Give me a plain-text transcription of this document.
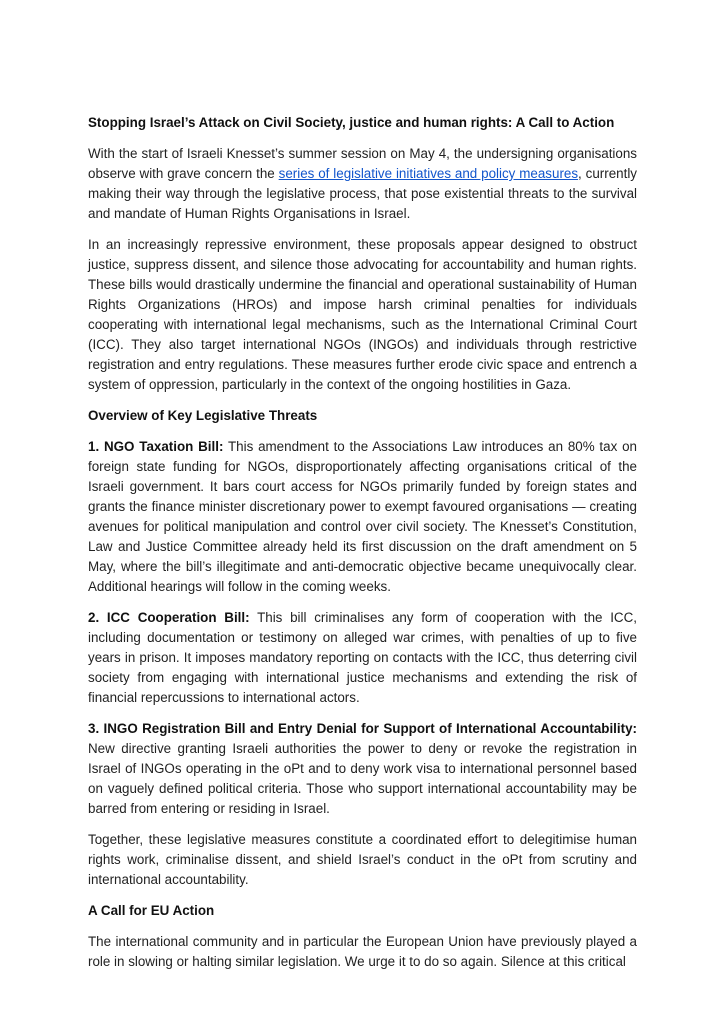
Stopping Israel’s Attack on Civil Society, justice and human rights: A Call to Action

With the start of Israeli Knesset’s summer session on May 4, the undersigning organisations observe with grave concern the series of legislative initiatives and policy measures, currently making their way through the legislative process, that pose existential threats to the survival and mandate of Human Rights Organisations in Israel.

In an increasingly repressive environment, these proposals appear designed to obstruct justice, suppress dissent, and silence those advocating for accountability and human rights. These bills would drastically undermine the financial and operational sustainability of Human Rights Organizations (HROs) and impose harsh criminal penalties for individuals cooperating with international legal mechanisms, such as the International Criminal Court (ICC). They also target international NGOs (INGOs) and individuals through restrictive registration and entry regulations. These measures further erode civic space and entrench a system of oppression, particularly in the context of the ongoing hostilities in Gaza.

Overview of Key Legislative Threats

1. NGO Taxation Bill: This amendment to the Associations Law introduces an 80% tax on foreign state funding for NGOs, disproportionately affecting organisations critical of the Israeli government. It bars court access for NGOs primarily funded by foreign states and grants the finance minister discretionary power to exempt favoured organisations — creating avenues for political manipulation and control over civil society. The Knesset’s Constitution, Law and Justice Committee already held its first discussion on the draft amendment on 5 May, where the bill’s illegitimate and anti-democratic objective became unequivocally clear. Additional hearings will follow in the coming weeks.

2. ICC Cooperation Bill: This bill criminalises any form of cooperation with the ICC, including documentation or testimony on alleged war crimes, with penalties of up to five years in prison. It imposes mandatory reporting on contacts with the ICC, thus deterring civil society from engaging with international justice mechanisms and extending the risk of financial repercussions to international actors.

3. INGO Registration Bill and Entry Denial for Support of International Accountability: New directive granting Israeli authorities the power to deny or revoke the registration in Israel of INGOs operating in the oPt and to deny work visa to international personnel based on vaguely defined political criteria. Those who support international accountability may be barred from entering or residing in Israel.

Together, these legislative measures constitute a coordinated effort to delegitimise human rights work, criminalise dissent, and shield Israel’s conduct in the oPt from scrutiny and international accountability.

A Call for EU Action

The international community and in particular the European Union have previously played a role in slowing or halting similar legislation. We urge it to do so again. Silence at this critical
